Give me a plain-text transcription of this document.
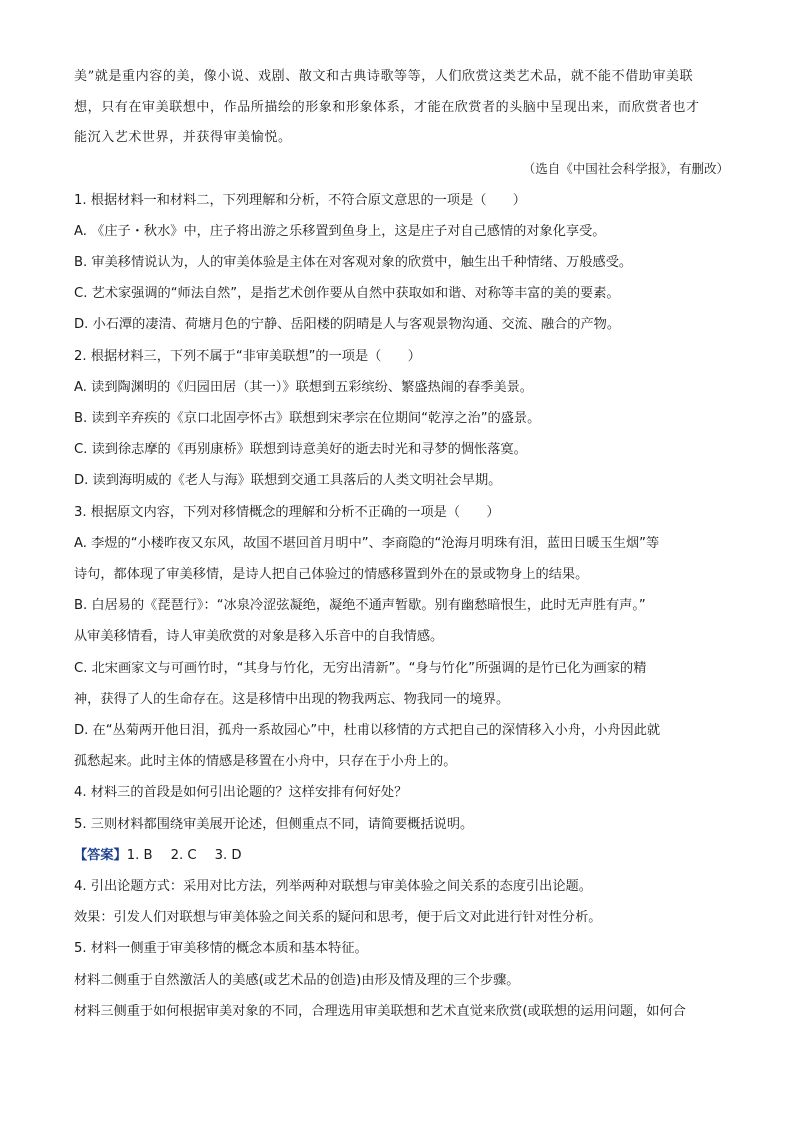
美”就是重内容的美，像小说、戏剧、散文和古典诗歌等等，人们欣赏这类艺术品，就不能不借助审美联

想，只有在审美联想中，作品所描绘的形象和形象体系，才能在欣赏者的头脑中呈现出来，而欣赏者也才

能沉入艺术世界，并获得审美愉悦。

（选自《中国社会科学报》，有删改）

1. 根据材料一和材料二，下列理解和分析，不符合原文意思的一项是（　　）

A. 《庄子・秋水》中，庄子将出游之乐移置到鱼身上，这是庄子对自己感情的对象化享受。

B. 审美移情说认为，人的审美体验是主体在对客观对象的欣赏中，触生出千种情绪、万般感受。

C. 艺术家强调的“师法自然”，是指艺术创作要从自然中获取如和谐、对称等丰富的美的要素。

D. 小石潭的凄清、荷塘月色的宁静、岳阳楼的阴晴是人与客观景物沟通、交流、融合的产物。

2. 根据材料三，下列不属于“非审美联想”的一项是（　　）

A. 读到陶渊明的《归园田居（其一）》联想到五彩缤纷、繁盛热闹的春季美景。

B. 读到辛弃疾的《京口北固亭怀古》联想到宋孝宗在位期间“乾淳之治”的盛景。

C. 读到徐志摩的《再别康桥》联想到诗意美好的逝去时光和寻梦的惆怅落寞。

D. 读到海明威的《老人与海》联想到交通工具落后的人类文明社会早期。

3. 根据原文内容，下列对移情概念的理解和分析不正确的一项是（　　）

A. 李煜的“小楼昨夜又东风，故国不堪回首月明中”、李商隐的“沧海月明珠有泪，蓝田日暖玉生烟”等

诗句，都体现了审美移情，是诗人把自己体验过的情感移置到外在的景或物身上的结果。

B. 白居易的《琵琶行》：“冰泉冷涩弦凝绝，凝绝不通声暂歇。别有幽愁暗恨生，此时无声胜有声。”

从审美移情看，诗人审美欣赏的对象是移入乐音中的自我情感。

C. 北宋画家文与可画竹时，“其身与竹化，无穷出清新”。“身与竹化”所强调的是竹已化为画家的精

神，获得了人的生命存在。这是移情中出现的物我两忘、物我同一的境界。

D. 在“丛菊两开他日泪，孤舟一系故园心”中，杜甫以移情的方式把自己的深情移入小舟，小舟因此就

孤愁起来。此时主体的情感是移置在小舟中，只存在于小舟上的。

4. 材料三的首段是如何引出论题的？这样安排有何好处？

5. 三则材料都围绕审美展开论述，但侧重点不同，请简要概括说明。

【答案】1. B 2. C 3. D

4. 引出论题方式：采用对比方法，列举两种对联想与审美体验之间关系的态度引出论题。

效果：引发人们对联想与审美体验之间关系的疑问和思考，便于后文对此进行针对性分析。

5. 材料一侧重于审美移情的概念本质和基本特征。

材料二侧重于自然激活人的美感(或艺术品的创造)由形及情及理的三个步骤。

材料三侧重于如何根据审美对象的不同，合理选用审美联想和艺术直觉来欣赏(或联想的运用问题，如何合
